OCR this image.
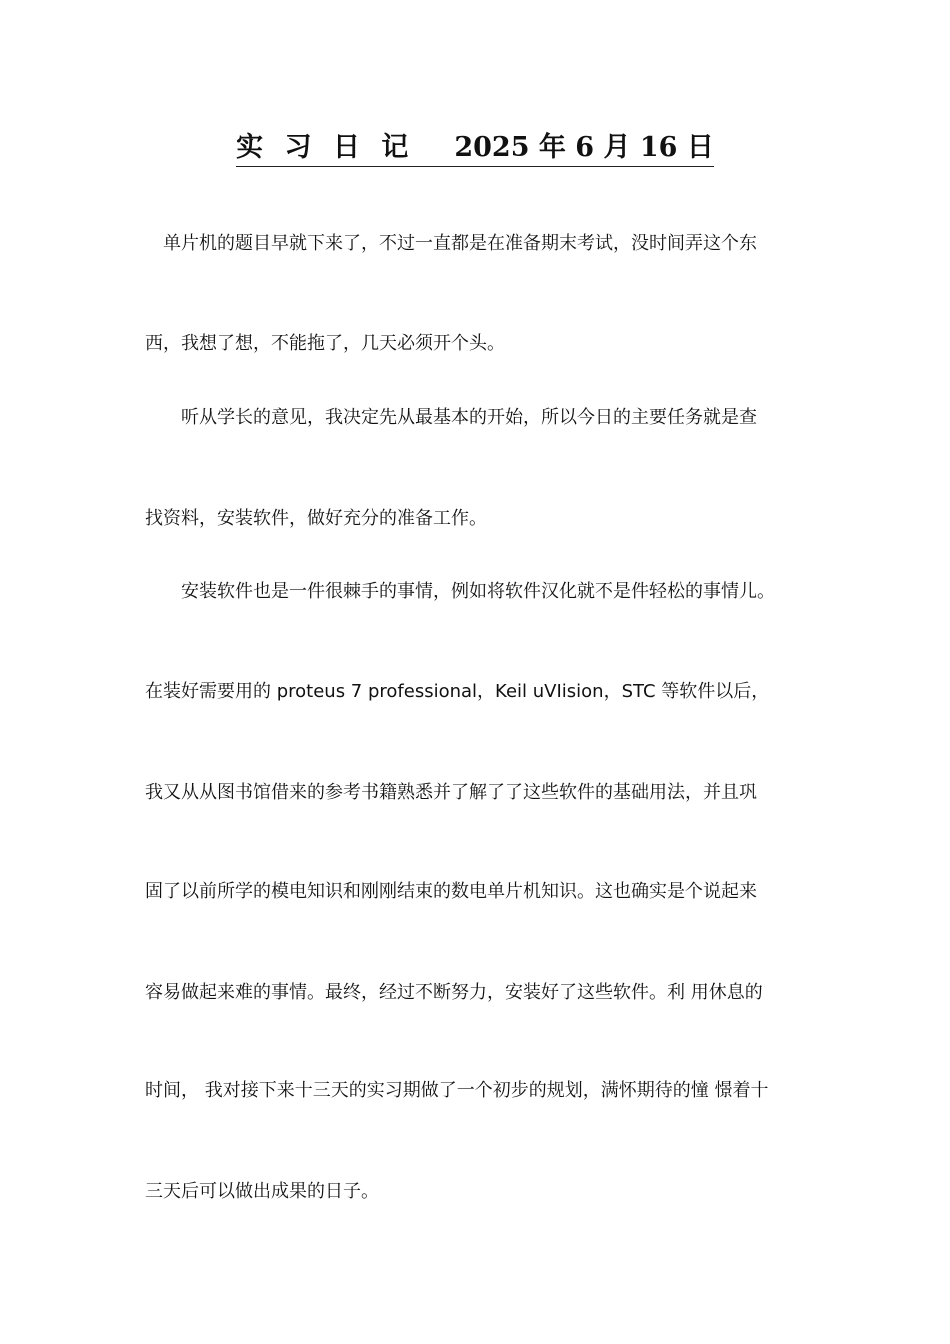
实 习 日 记 2025 年 6 月 16 日
　单片机的题目早就下来了，不过一直都是在准备期末考试，没时间弄这个东
西，我想了想，不能拖了，几天必须开个头。
　　听从学长的意见，我决定先从最基本的开始，所以今日的主要任务就是查
找资料，安装软件，做好充分的准备工作。
　　安装软件也是一件很棘手的事情，例如将软件汉化就不是件轻松的事情儿。
在装好需要用的 proteus 7 professional，Keil uVIision，STC 等软件以后，
我又从从图书馆借来的参考书籍熟悉并了解了了这些软件的基础用法，并且巩
固了以前所学的模电知识和刚刚结束的数电单片机知识。这也确实是个说起来
容易做起来难的事情。最终，经过不断努力，安装好了这些软件。利 用休息的
时间， 我对接下来十三天的实习期做了一个初步的规划，满怀期待的憧 憬着十
三天后可以做出成果的日子。
